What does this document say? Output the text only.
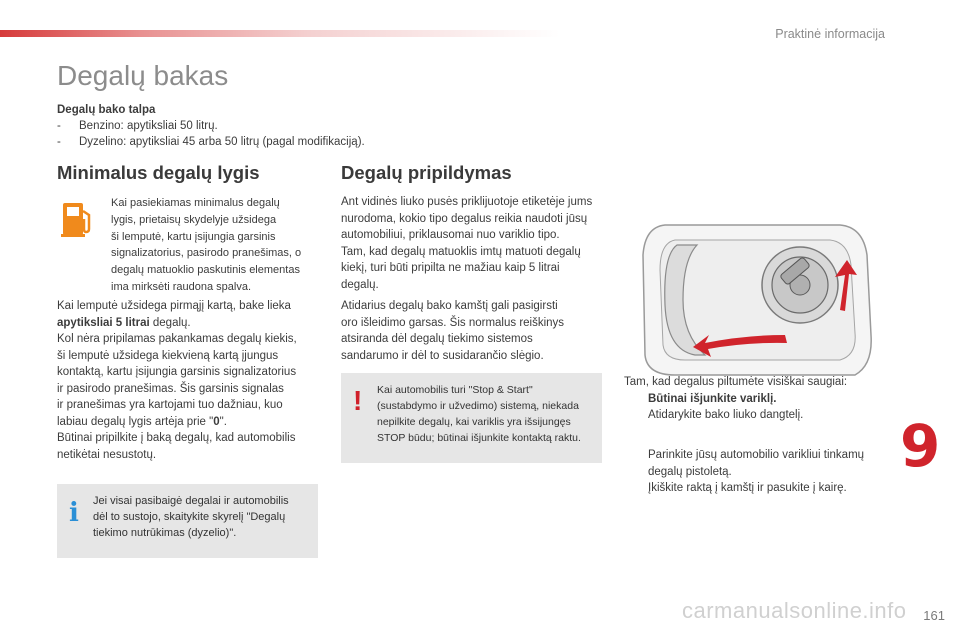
Praktinė informacija
Degalų bakas
Degalų bako talpa
- Benzino: apytiksliai 50 litrų.
- Dyzelino: apytiksliai 45 arba 50 litrų (pagal modifikaciją).
Minimalus degalų lygis
Kai pasiekiamas minimalus degalų
lygis, prietaisų skydelyje užsidega
ši lemputė, kartu įsijungia garsinis
signalizatorius, pasirodo pranešimas, o
degalų matuoklio paskutinis elementas
ima mirksėti raudona spalva.
Kai lemputė užsidega pirmąjį kartą, bake lieka
apytiksliai 5 litrai degalų.
Kol nėra pripilamas pakankamas degalų kiekis,
ši lemputė užsidega kiekvieną kartą įjungus
kontaktą, kartu įsijungia garsinis signalizatorius
ir pasirodo pranešimas. Šis garsinis signalas
ir pranešimas yra kartojami tuo dažniau, kuo
labiau degalų lygis artėja prie "0".
Būtinai pripilkite į baką degalų, kad automobilis
netikėtai nesustotų.
i Jei visai pasibaigė degalai ir automobilis
dėl to sustojo, skaitykite skyrelį "Degalų
tiekimo nutrūkimas (dyzelio)".
Degalų pripildymas
Ant vidinės liuko pusės priklijuotoje etiketėje jums
nurodoma, kokio tipo degalus reikia naudoti jūsų
automobiliui, priklausomai nuo variklio tipo.
Tam, kad degalų matuoklis imtų matuoti degalų
kiekį, turi būti pripilta ne mažiau kaip 5 litrai
degalų.
Atidarius degalų bako kamštį gali pasigirsti
oro išleidimo garsas. Šis normalus reiškinys
atsiranda dėl degalų tiekimo sistemos
sandarumo ir dėl to susidarančio slėgio.
! Kai automobilis turi "Stop & Start"
(sustabdymo ir užvedimo) sistemą, niekada
nepilkite degalų, kai variklis yra išsijungęs
STOP būdu; būtinai išjunkite kontaktą raktu.
Tam, kad degalus piltumėte visiškai saugiai:
Būtinai išjunkite variklį.
Atidarykite bako liuko dangtelį.
Parinkite jūsų automobilio varikliui tinkamų
degalų pistoletą.
Įkiškite raktą į kamštį ir pasukite į kairę.
9
carmanualsonline.info 161
